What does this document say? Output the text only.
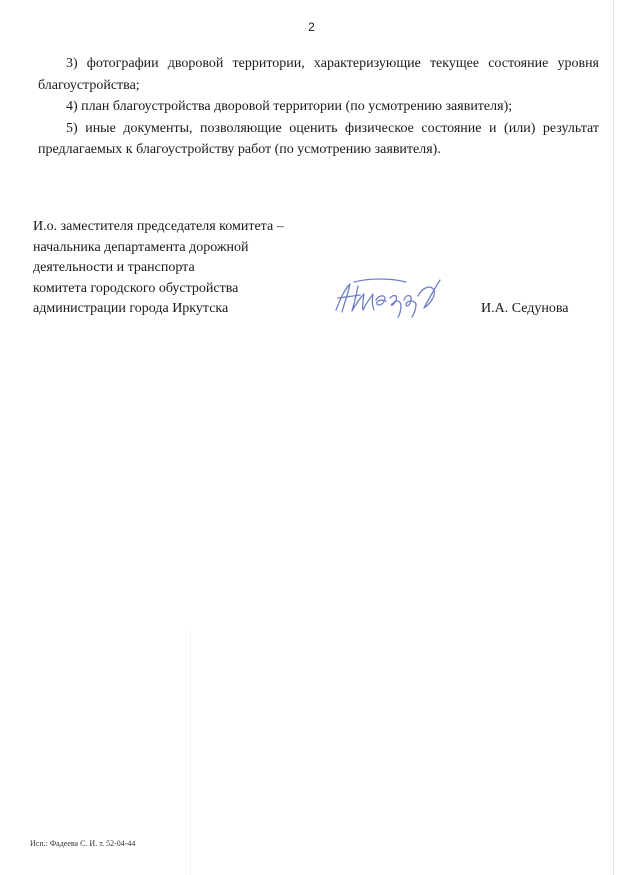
2

3) фотографии дворовой территории, характеризующие текущее состояние уровня благоустройства;

4) план благоустройства дворовой территории (по усмотрению заявителя);

5) иные документы, позволяющие оценить физическое состояние и (или) результат предлагаемых к благоустройству работ (по усмотрению заявителя).

И.о. заместителя председателя комитета –
начальника департамента дорожной
деятельности и транспорта
комитета городского обустройства
администрации города Иркутска	И.А. Седунова
Исп.: Фадеева С. И. т. 52-04-44
